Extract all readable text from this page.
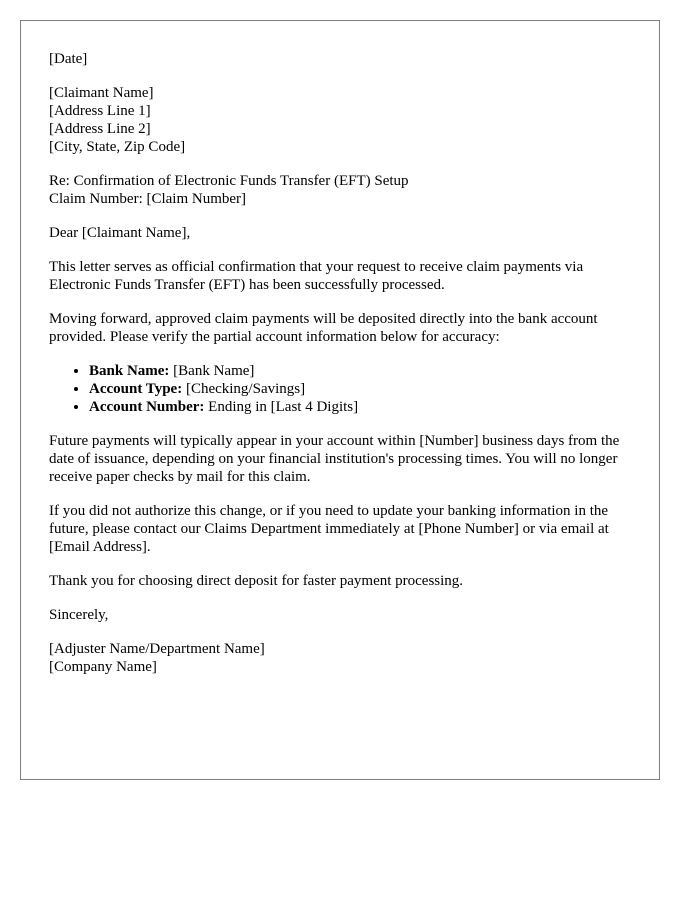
[Date]
[Claimant Name]
[Address Line 1]
[Address Line 2]
[City, State, Zip Code]
Re: Confirmation of Electronic Funds Transfer (EFT) Setup
Claim Number: [Claim Number]

Dear [Claimant Name],

This letter serves as official confirmation that your request to receive claim payments via Electronic Funds Transfer (EFT) has been successfully processed.

Moving forward, approved claim payments will be deposited directly into the bank account provided. Please verify the partial account information below for accuracy:

• Bank Name: [Bank Name]
• Account Type: [Checking/Savings]
• Account Number: Ending in [Last 4 Digits]

Future payments will typically appear in your account within [Number] business days from the date of issuance, depending on your financial institution's processing times. You will no longer receive paper checks by mail for this claim.

If you did not authorize this change, or if you need to update your banking information in the future, please contact our Claims Department immediately at [Phone Number] or via email at [Email Address].

Thank you for choosing direct deposit for faster payment processing.

Sincerely,

[Adjuster Name/Department Name]
[Company Name]
